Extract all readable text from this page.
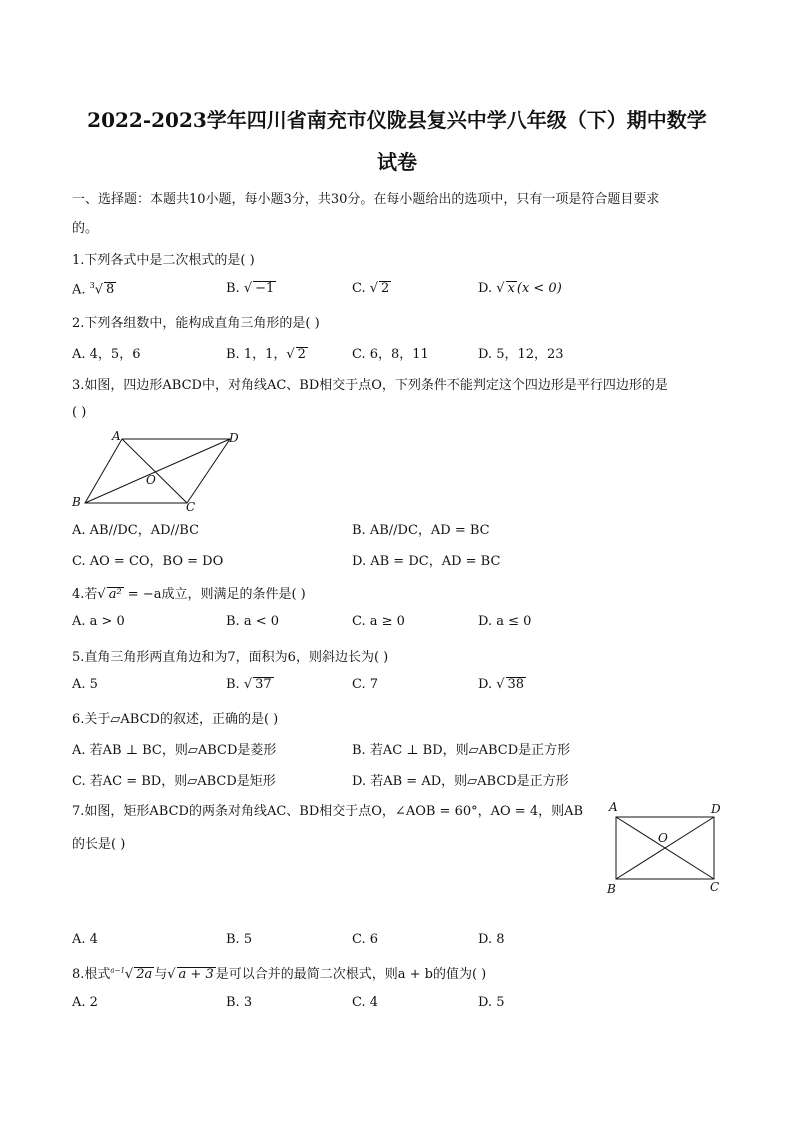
2022-2023学年四川省南充市仪陇县复兴中学八年级（下）期中数学
试卷
一、选择题：本题共10小题，每小题3分，共30分。在每小题给出的选项中，只有一项是符合题目要求
的。
1.下列各式中是二次根式的是( )
A. $^3$√ 8	B. √ −1	C. √ 2	D. √ x (x < 0)
2.下列各组数中，能构成直角三角形的是( )
A. 4，5，6	B. 1，1，√ 2	C. 6，8，11	D. 5，12，23
3.如图，四边形ABCD中，对角线AC、BD相交于点O，下列条件不能判定这个四边形是平行四边形的是
( )
A	D
B	C
O
A. AB//DC，AD//BC	B. AB//DC，AD = BC
C. AO = CO，BO = DO	D. AB = DC，AD = BC
4.若√ a² = −a成立，则满足的条件是( )
A. a > 0	B. a < 0	C. a ≥ 0	D. a ≤ 0
5.直角三角形两直角边和为7，面积为6，则斜边长为( )
A. 5	B. √ 37	C. 7	D. √ 38
6.关于▱ABCD的叙述，正确的是( )
A. 若AB ⊥ BC，则▱ABCD是菱形	B. 若AC ⊥ BD，则▱ABCD是正方形
C. 若AC = BD，则▱ABCD是矩形	D. 若AB = AD，则▱ABCD是正方形
7.如图，矩形ABCD的两条对角线AC、BD相交于点O，∠AOB = 60°，AO = 4，则AB
的长是( )
A	D
B	C
O
A. 4	B. 5	C. 6	D. 8
8.根式$^{a-1}$√ 2a 与√ a + 3 是可以合并的最简二次根式，则a + b的值为( )
A. 2	B. 3	C. 4	D. 5
